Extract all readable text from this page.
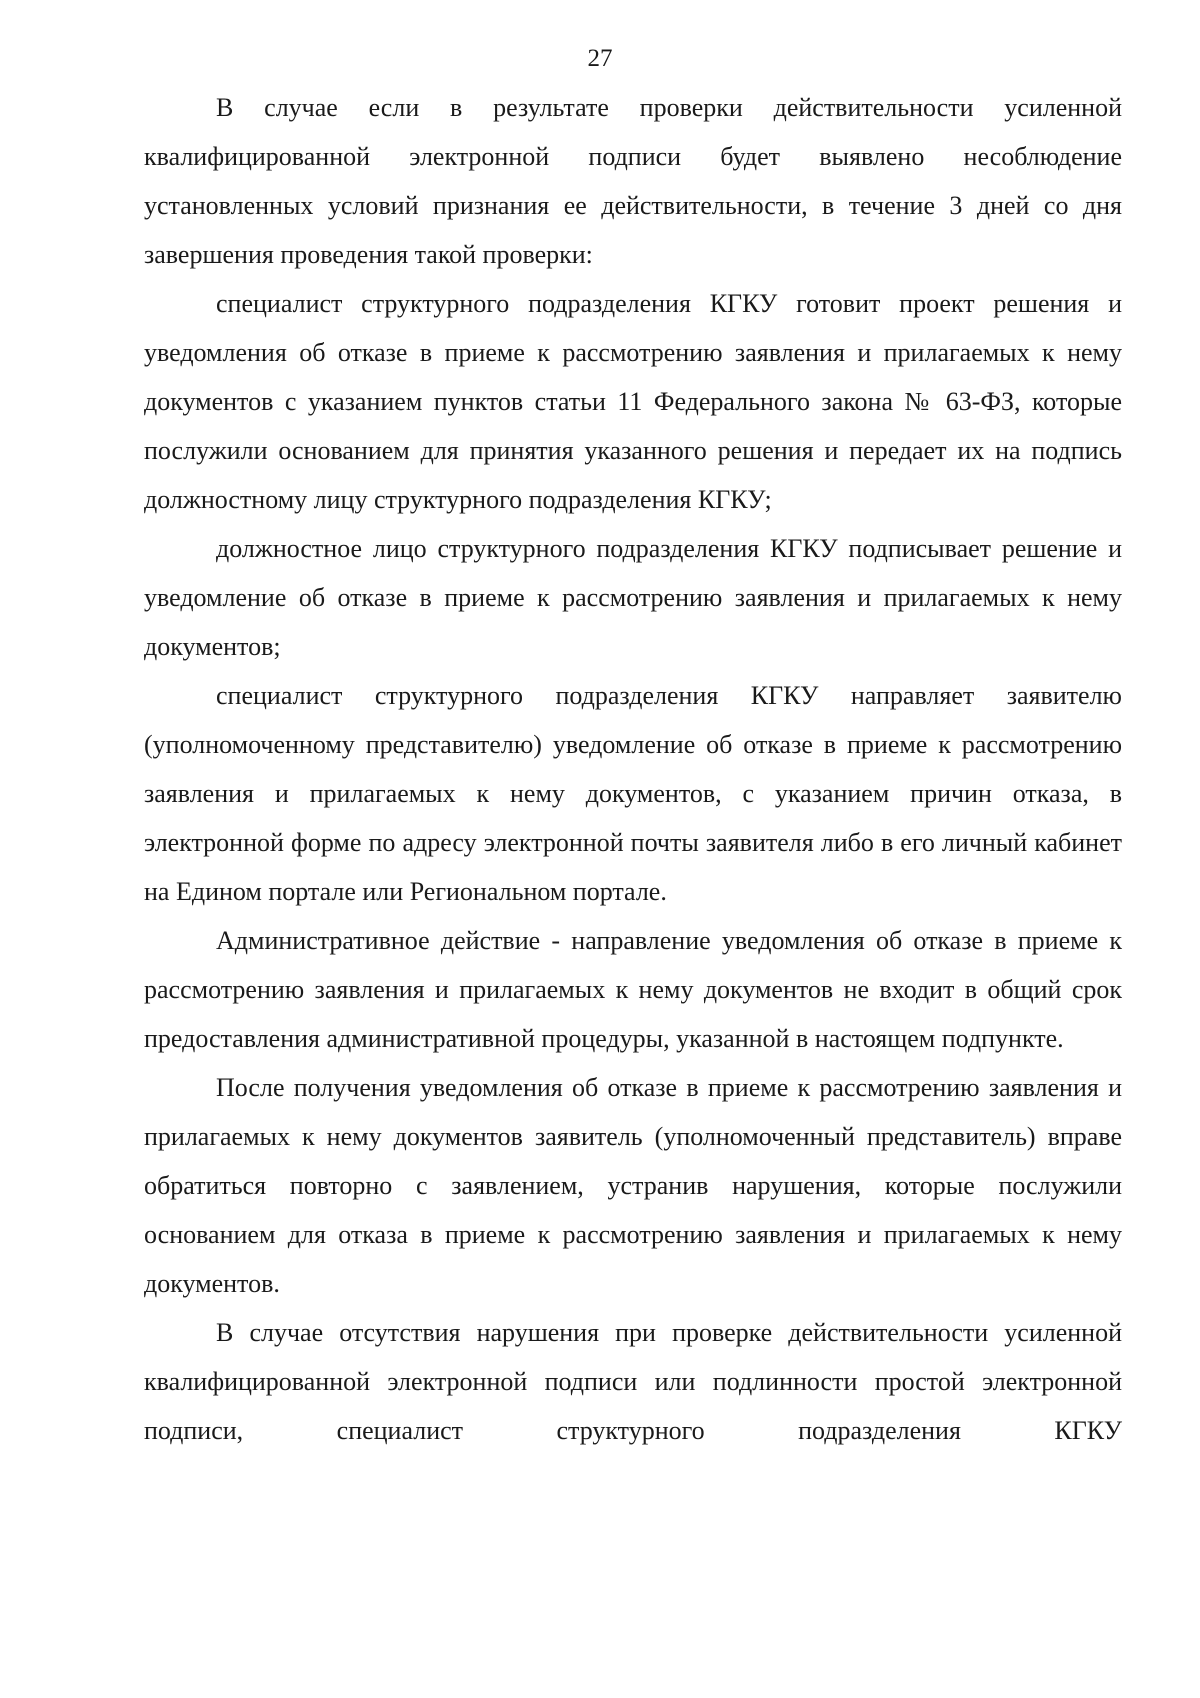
27

В случае если в результате проверки действительности усиленной квалифицированной электронной подписи будет выявлено несоблюдение установленных условий признания ее действительности, в течение 3 дней со дня завершения проведения такой проверки:

специалист структурного подразделения КГКУ готовит проект решения и уведомления об отказе в приеме к рассмотрению заявления и прилагаемых к нему документов с указанием пунктов статьи 11 Федерального закона № 63-ФЗ, которые послужили основанием для принятия указанного решения и передает их на подпись должностному лицу структурного подразделения КГКУ;

должностное лицо структурного подразделения КГКУ подписывает решение и уведомление об отказе в приеме к рассмотрению заявления и прилагаемых к нему документов;

специалист структурного подразделения КГКУ направляет заявителю (уполномоченному представителю) уведомление об отказе в приеме к рассмотрению заявления и прилагаемых к нему документов, с указанием причин отказа, в электронной форме по адресу электронной почты заявителя либо в его личный кабинет на Едином портале или Региональном портале.

Административное действие - направление уведомления об отказе в приеме к рассмотрению заявления и прилагаемых к нему документов не входит в общий срок предоставления административной процедуры, указанной в настоящем подпункте.

После получения уведомления об отказе в приеме к рассмотрению заявления и прилагаемых к нему документов заявитель (уполномоченный представитель) вправе обратиться повторно с заявлением, устранив нарушения, которые послужили основанием для отказа в приеме к рассмотрению заявления и прилагаемых к нему документов.

В случае отсутствия нарушения при проверке действительности усиленной квалифицированной электронной подписи или подлинности простой электронной подписи, специалист структурного подразделения КГКУ
